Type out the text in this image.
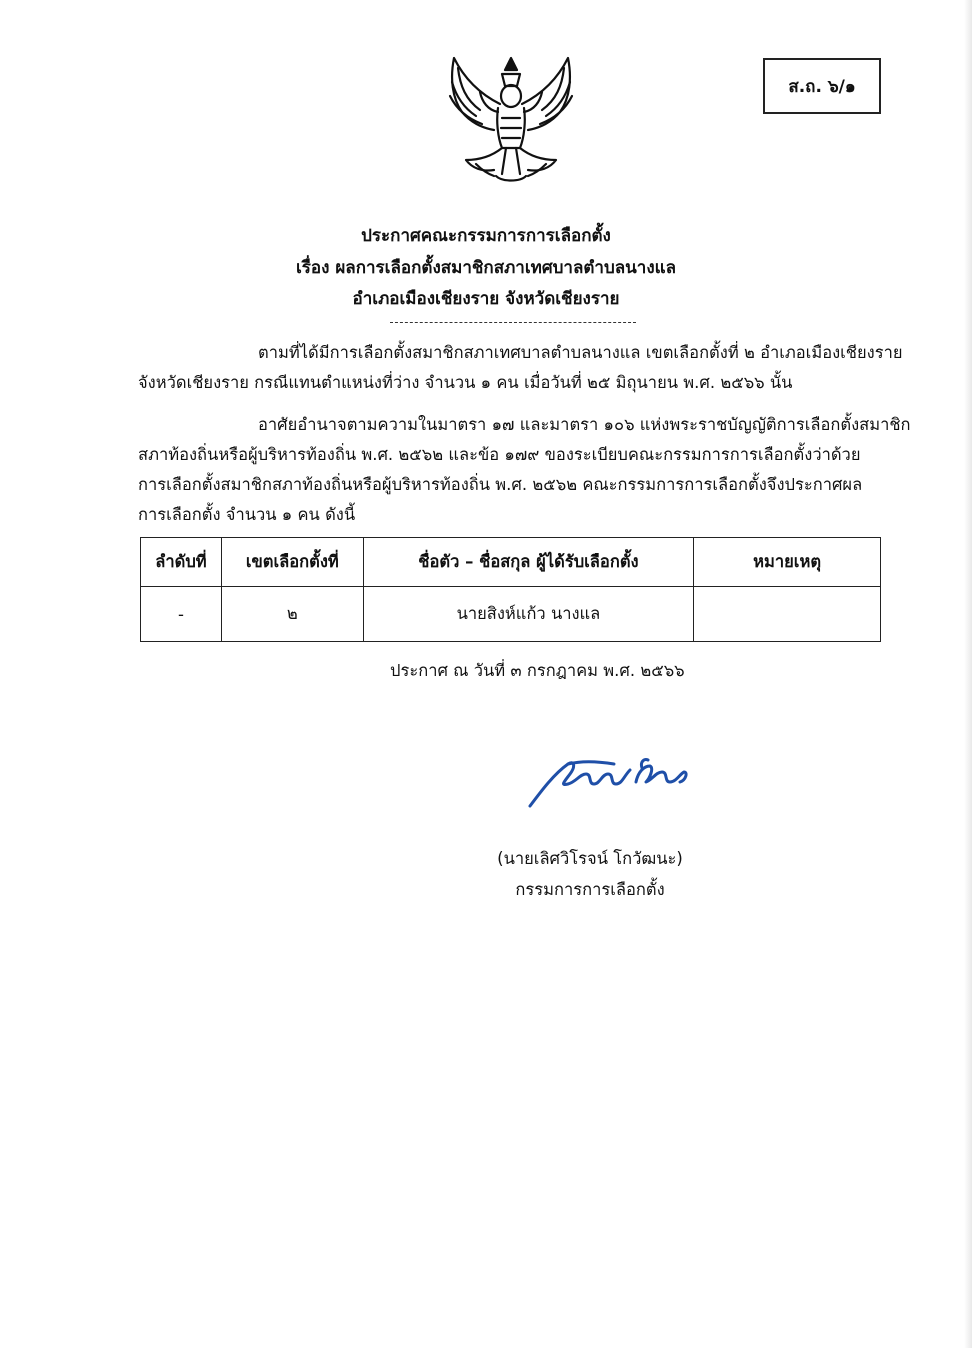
ส.ถ. ๖/๑
ประกาศคณะกรรมการการเลือกตั้ง
เรื่อง ผลการเลือกตั้งสมาชิกสภาเทศบาลตำบลนางแล
อำเภอเมืองเชียงราย จังหวัดเชียงราย
ตามที่ได้มีการเลือกตั้งสมาชิกสภาเทศบาลตำบลนางแล เขตเลือกตั้งที่ ๒ อำเภอเมืองเชียงราย
จังหวัดเชียงราย กรณีแทนตำแหน่งที่ว่าง จำนวน ๑ คน เมื่อวันที่ ๒๕ มิถุนายน พ.ศ. ๒๕๖๖ นั้น
อาศัยอำนาจตามความในมาตรา ๑๗ และมาตรา ๑๐๖ แห่งพระราชบัญญัติการเลือกตั้งสมาชิก
สภาท้องถิ่นหรือผู้บริหารท้องถิ่น พ.ศ. ๒๕๖๒ และข้อ ๑๗๙ ของระเบียบคณะกรรมการการเลือกตั้งว่าด้วย
การเลือกตั้งสมาชิกสภาท้องถิ่นหรือผู้บริหารท้องถิ่น พ.ศ. ๒๕๖๒ คณะกรรมการการเลือกตั้งจึงประกาศผล
การเลือกตั้ง จำนวน ๑ คน ดังนี้
ลำดับที่	เขตเลือกตั้งที่	ชื่อตัว – ชื่อสกุล ผู้ได้รับเลือกตั้ง	หมายเหตุ
-	๒	นายสิงห์แก้ว นางแล	
ประกาศ ณ วันที่ ๓ กรกฎาคม พ.ศ. ๒๕๖๖
(นายเลิศวิโรจน์ โกวัฒนะ)
กรรมการการเลือกตั้ง
